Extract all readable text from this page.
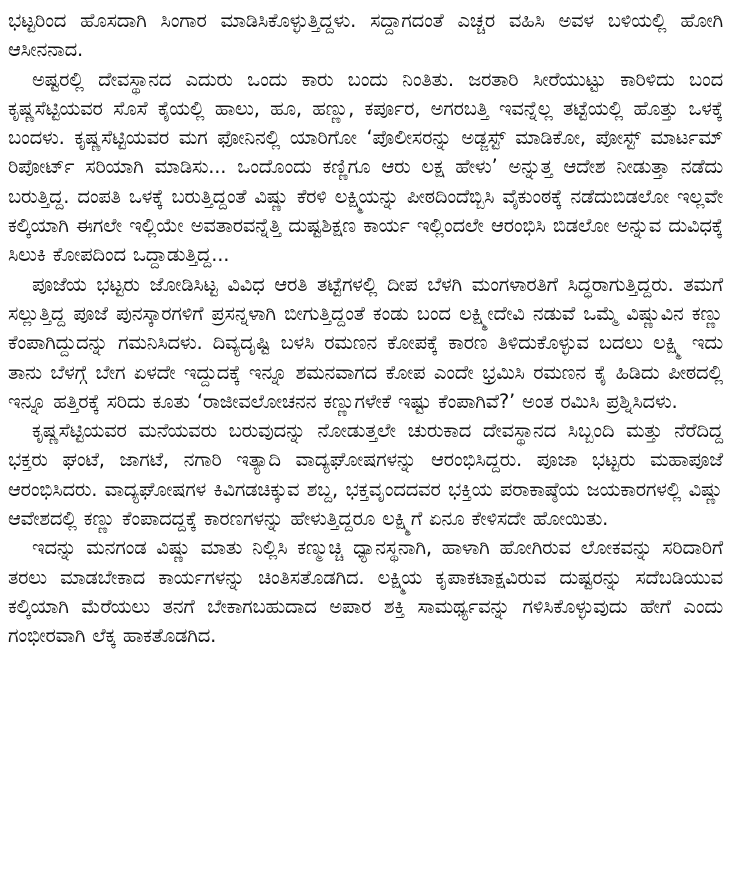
ಭಟ್ಟರಿಂದ ಹೊಸದಾಗಿ ಸಿಂಗಾರ ಮಾಡಿಸಿಕೊಳ್ಳುತ್ತಿದ್ದಳು. ಸದ್ದಾಗದಂತೆ ಎಚ್ಚರ ವಹಿಸಿ ಅವಳ ಬಳಿಯಲ್ಲಿ ಹೋಗಿ ಆಸೀನನಾದ.

ಅಷ್ಟರಲ್ಲಿ ದೇವಸ್ಥಾನದ ಎದುರು ಒಂದು ಕಾರು ಬಂದು ನಿಂತಿತು. ಜರತಾರಿ ಸೀರೆಯುಟ್ಟು ಕಾರಿಳಿದು ಬಂದ ಕೃಷ್ಣಸೆಟ್ಟಿಯವರ ಸೊಸೆ ಕೈಯಲ್ಲಿ ಹಾಲು, ಹೂ, ಹಣ್ಣು, ಕರ್ಪೂರ, ಅಗರಬತ್ತಿ ಇವನ್ನೆಲ್ಲ ತಟ್ಟೆಯಲ್ಲಿ ಹೊತ್ತು ಒಳಕ್ಕೆ ಬಂದಳು. ಕೃಷ್ಣಸೆಟ್ಟಿಯವರ ಮಗ ಫೋನಿನಲ್ಲಿ ಯಾರಿಗೋ ‘ಪೊಲೀಸರನ್ನು ಅಡ್ಜಸ್ಟ್ ಮಾಡಿಕೋ, ಪೋಸ್ಟ್ ಮಾರ್ಟಮ್ ರಿಪೋರ್ಟ್ ಸರಿಯಾಗಿ ಮಾಡಿಸು... ಒಂದೊಂದು ಕಣ್ಣಿಗೂ ಆರು ಲಕ್ಷ ಹೇಳು’ ಅನ್ನುತ್ತ ಆದೇಶ ನೀಡುತ್ತಾ ನಡೆದು ಬರುತ್ತಿದ್ದ. ದಂಪತಿ ಒಳಕ್ಕೆ ಬರುತ್ತಿದ್ದಂತೆ ವಿಷ್ಣು ಕೆರಳಿ ಲಕ್ಷ್ಮಿಯನ್ನು ಪೀಠದಿಂದೆಬ್ಬಿಸಿ ವೈಕುಂಠಕ್ಕೆ ನಡೆದುಬಿಡಲೋ ಇಲ್ಲವೇ ಕಲ್ಕಿಯಾಗಿ ಈಗಲೇ ಇಲ್ಲಿಯೇ ಅವತಾರವನ್ನೆತ್ತಿ ದುಷ್ಟಶಿಕ್ಷಣ ಕಾರ್ಯ ಇಲ್ಲಿಂದಲೇ ಆರಂಭಿಸಿ ಬಿಡಲೋ ಅನ್ನುವ ದುವಿಧಕ್ಕೆ ಸಿಲುಕಿ ಕೋಪದಿಂದ ಒದ್ದಾಡುತ್ತಿದ್ದ...

ಪೂಜೆಯ ಭಟ್ಟರು ಜೋಡಿಸಿಟ್ಟ ವಿವಿಧ ಆರತಿ ತಟ್ಟೆಗಳಲ್ಲಿ ದೀಪ ಬೆಳಗಿ ಮಂಗಳಾರತಿಗೆ ಸಿದ್ಧರಾಗುತ್ತಿದ್ದರು. ತಮಗೆ ಸಲ್ಲುತ್ತಿದ್ದ ಪೂಜೆ ಪುನಸ್ಕಾರಗಳಿಗೆ ಪ್ರಸನ್ನಳಾಗಿ ಬೀಗುತ್ತಿದ್ದಂತೆ ಕಂಡು ಬಂದ ಲಕ್ಷ್ಮೀದೇವಿ ನಡುವೆ ಒಮ್ಮೆ ವಿಷ್ಣುವಿನ ಕಣ್ಣು ಕೆಂಪಾಗಿದ್ದುದನ್ನು ಗಮನಿಸಿದಳು. ದಿವ್ಯದೃಷ್ಟಿ ಬಳಸಿ ರಮಣನ ಕೋಪಕ್ಕೆ ಕಾರಣ ತಿಳಿದುಕೊಳ್ಳುವ ಬದಲು ಲಕ್ಷ್ಮಿ ಇದು ತಾನು ಬೆಳಗ್ಗೆ ಬೇಗ ಏಳದೇ ಇದ್ದುದಕ್ಕೆ ಇನ್ನೂ ಶಮನವಾಗದ ಕೋಪ ಎಂದೇ ಭ್ರಮಿಸಿ ರಮಣನ ಕೈ ಹಿಡಿದು ಪೀಠದಲ್ಲಿ ಇನ್ನೂ ಹತ್ತಿರಕ್ಕೆ ಸರಿದು ಕೂತು ‘ರಾಜೀವಲೋಚನನ ಕಣ್ಣುಗಳೇಕೆ ಇಷ್ಟು ಕೆಂಪಾಗಿವೆ?’ ಅಂತ ರಮಿಸಿ ಪ್ರಶ್ನಿಸಿದಳು.

ಕೃಷ್ಣಸೆಟ್ಟಿಯವರ ಮನೆಯವರು ಬರುವುದನ್ನು ನೋಡುತ್ತಲೇ ಚುರುಕಾದ ದೇವಸ್ಥಾನದ ಸಿಬ್ಬಂದಿ ಮತ್ತು ನೆರೆದಿದ್ದ ಭಕ್ತರು ಘಂಟೆ, ಜಾಗಟೆ, ನಗಾರಿ ಇತ್ಯಾದಿ ವಾದ್ಯಘೋಷಗಳನ್ನು ಆರಂಭಿಸಿದ್ದರು. ಪೂಜಾ ಭಟ್ಟರು ಮಹಾಪೂಜೆ ಆರಂಭಿಸಿದರು. ವಾದ್ಯಘೋಷಗಳ ಕಿವಿಗಡಚಿಕ್ಕುವ ಶಬ್ದ, ಭಕ್ತವೃಂದದವರ ಭಕ್ತಿಯ ಪರಾಕಾಷ್ಠೆಯ ಜಯಕಾರಗಳಲ್ಲಿ ವಿಷ್ಣು ಆವೇಶದಲ್ಲಿ ಕಣ್ಣು ಕೆಂಪಾದದ್ದಕ್ಕೆ ಕಾರಣಗಳನ್ನು ಹೇಳುತ್ತಿದ್ದರೂ ಲಕ್ಷ್ಮಿಗೆ ಏನೂ ಕೇಳಿಸದೇ ಹೋಯಿತು.

ಇದನ್ನು ಮನಗಂಡ ವಿಷ್ಣು ಮಾತು ನಿಲ್ಲಿಸಿ ಕಣ್ಮುಚ್ಚಿ ಧ್ಯಾನಸ್ಥನಾಗಿ, ಹಾಳಾಗಿ ಹೋಗಿರುವ ಲೋಕವನ್ನು ಸರಿದಾರಿಗೆ ತರಲು ಮಾಡಬೇಕಾದ ಕಾರ್ಯಗಳನ್ನು ಚಿಂತಿಸತೊಡಗಿದ. ಲಕ್ಷ್ಮಿಯ ಕೃಪಾಕಟಾಕ್ಷವಿರುವ ದುಷ್ಟರನ್ನು ಸದೆಬಡಿಯುವ ಕಲ್ಕಿಯಾಗಿ ಮೆರೆಯಲು ತನಗೆ ಬೇಕಾಗಬಹುದಾದ ಅಪಾರ ಶಕ್ತಿ ಸಾಮರ್ಥ್ಯವನ್ನು ಗಳಿಸಿಕೊಳ್ಳುವುದು ಹೇಗೆ ಎಂದು ಗಂಭೀರವಾಗಿ ಲೆಕ್ಕ ಹಾಕತೊಡಗಿದ.
